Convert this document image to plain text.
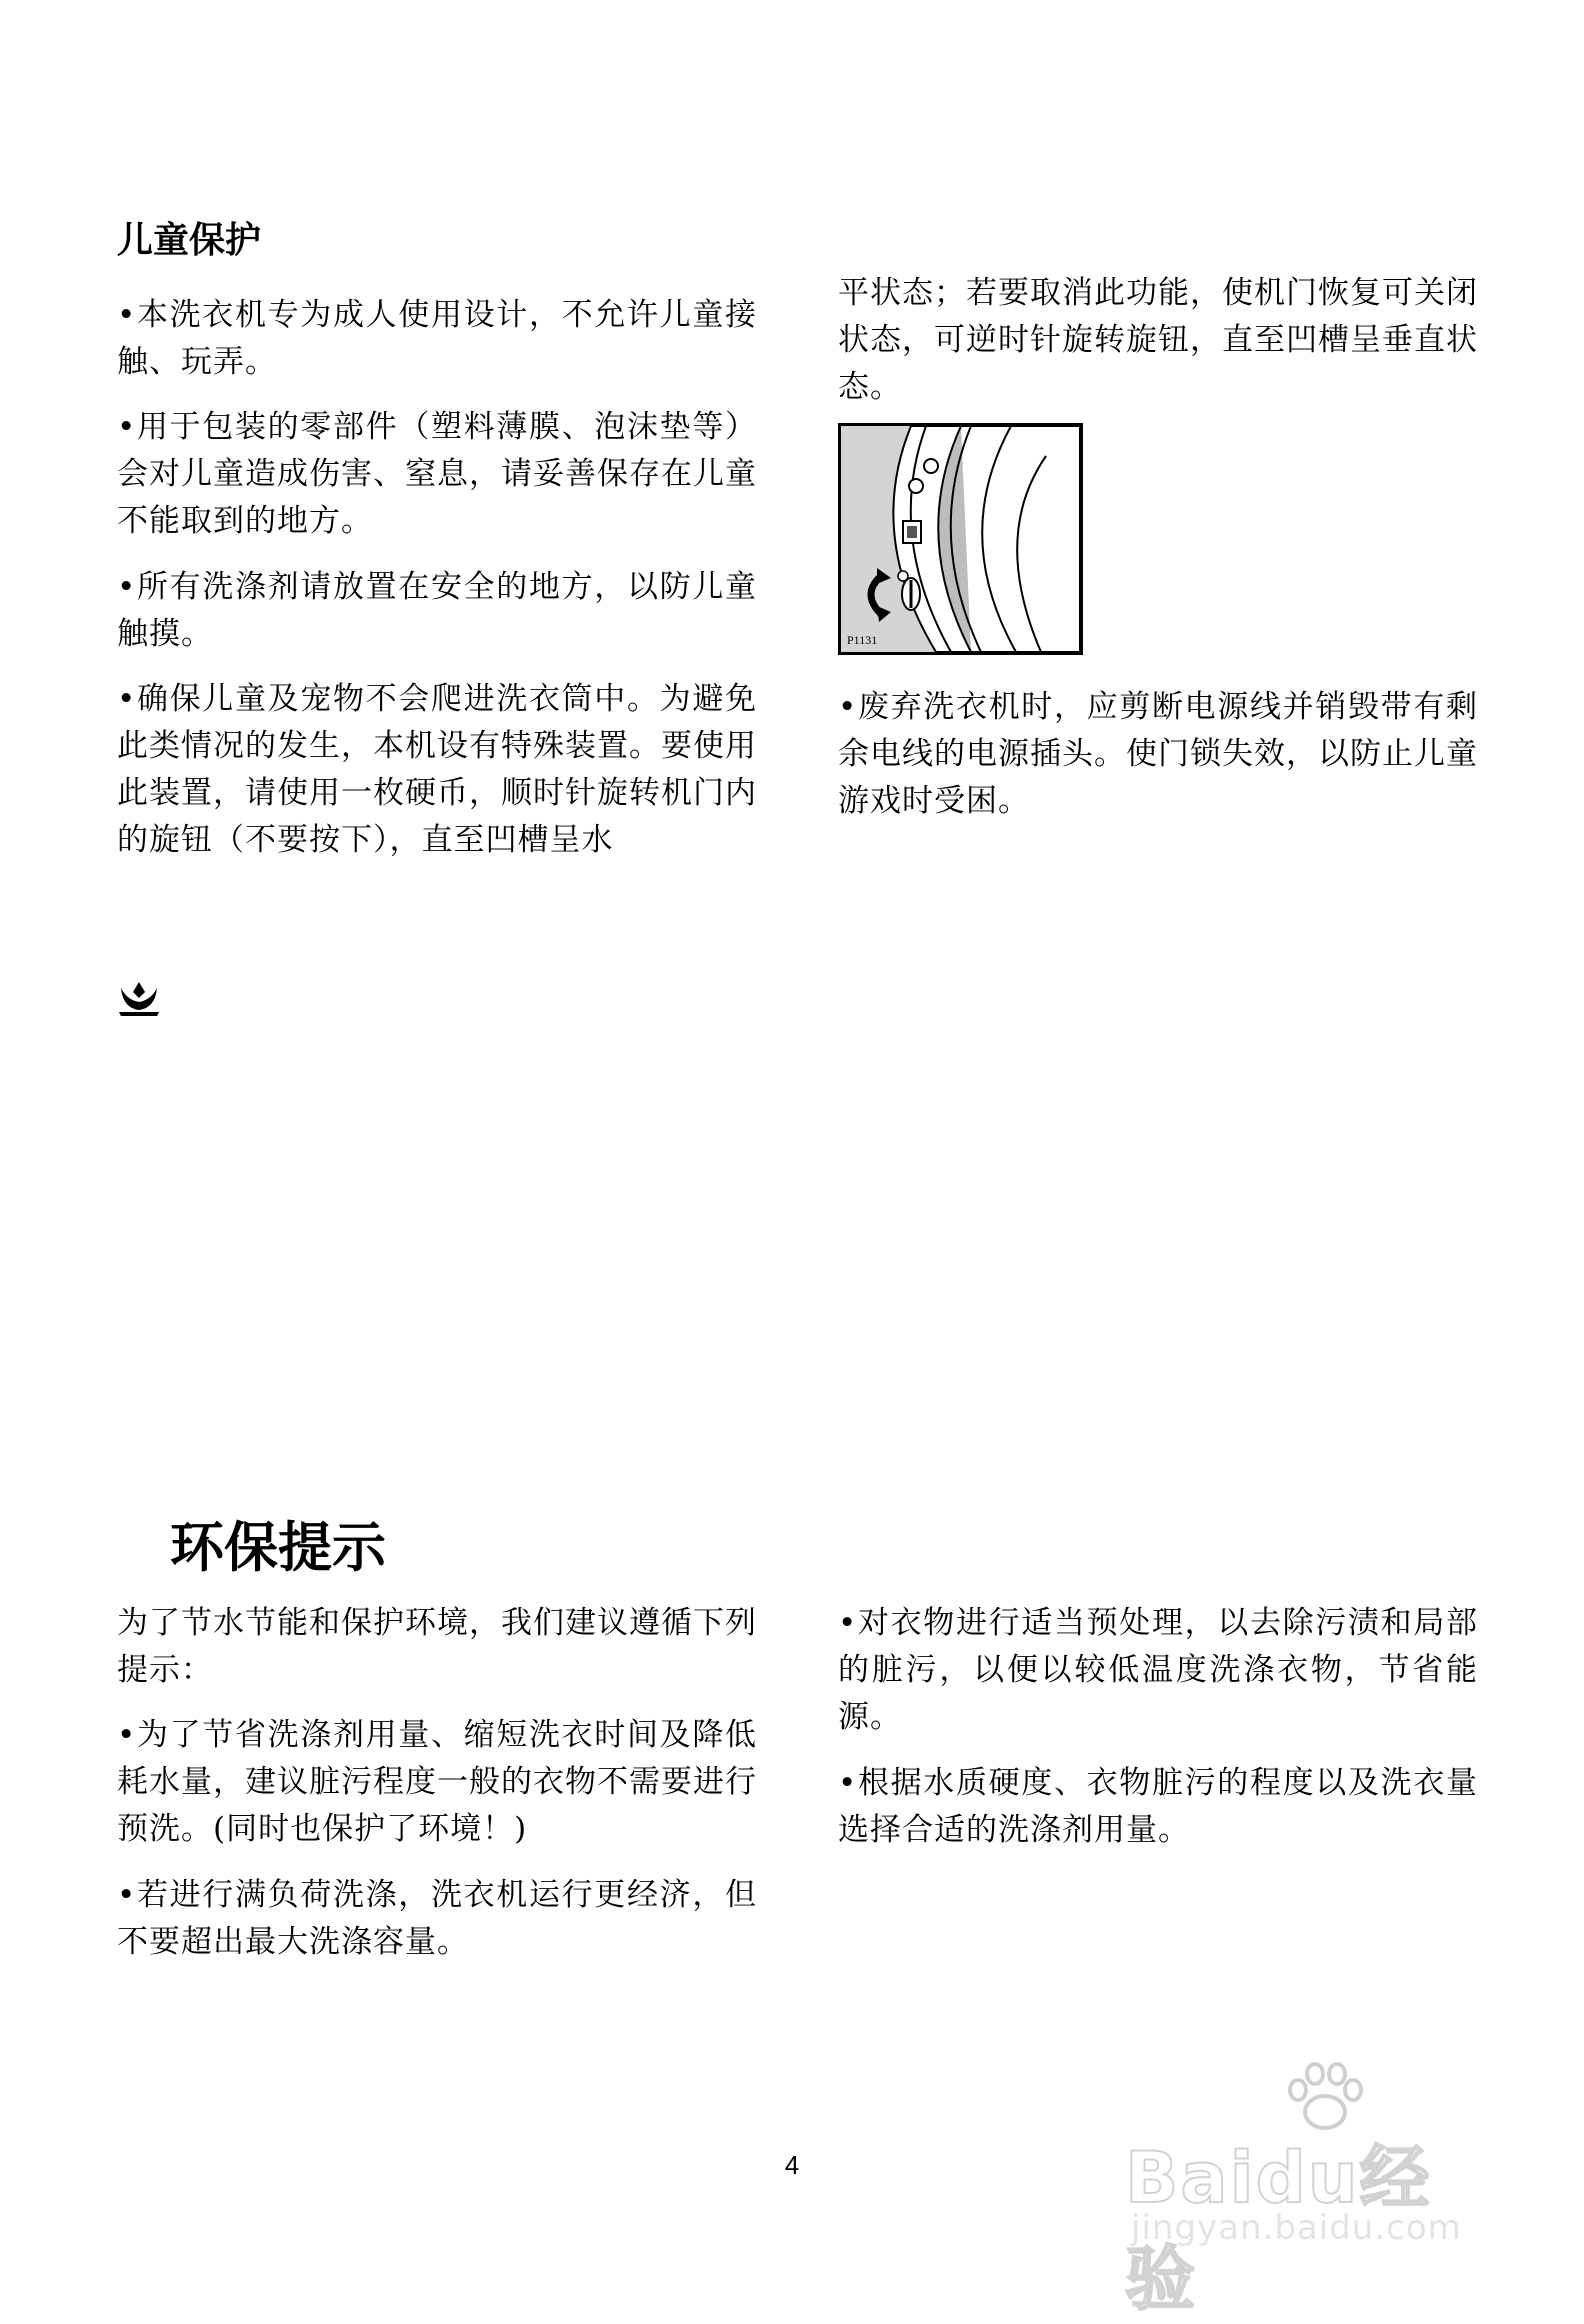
儿童保护

•本洗衣机专为成人使用设计，不允许儿童接触、玩弄。

•用于包装的零部件（塑料薄膜、泡沫垫等）会对儿童造成伤害、窒息，请妥善保存在儿童不能取到的地方。

•所有洗涤剂请放置在安全的地方，以防儿童触摸。

•确保儿童及宠物不会爬进洗衣筒中。为避免此类情况的发生，本机设有特殊装置。要使用此装置，请使用一枚硬币，顺时针旋转机门内的旋钮（不要按下），直至凹槽呈水

平状态；若要取消此功能，使机门恢复可关闭状态，可逆时针旋转旋钮，直至凹槽呈垂直状态。

P1131

•废弃洗衣机时，应剪断电源线并销毁带有剩余电线的电源插头。使门锁失效，以防止儿童游戏时受困。

环保提示

为了节水节能和保护环境，我们建议遵循下列提示：

•为了节省洗涤剂用量、缩短洗衣时间及降低耗水量，建议脏污程度一般的衣物不需要进行预洗。(同时也保护了环境！)

•若进行满负荷洗涤，洗衣机运行更经济，但不要超出最大洗涤容量。

•对衣物进行适当预处理，以去除污渍和局部的脏污，以便以较低温度洗涤衣物，节省能源。

•根据水质硬度、衣物脏污的程度以及洗衣量选择合适的洗涤剂用量。

4	Baidu经验
jingyan.baidu.com
